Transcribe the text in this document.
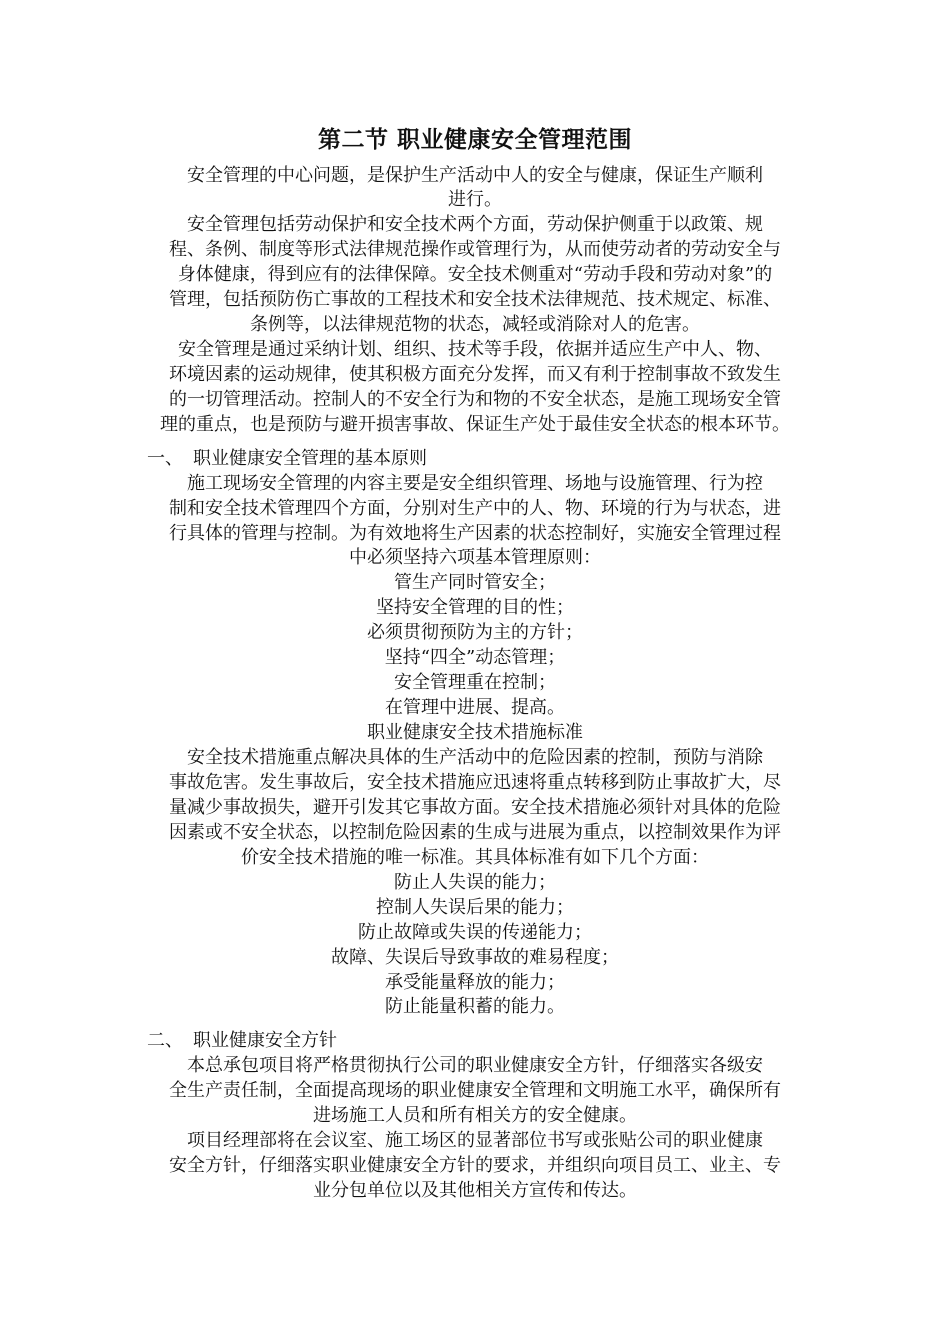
第二节 职业健康安全管理范围
安全管理的中心问题，是保护生产活动中人的安全与健康，保证生产顺利
进行。
安全管理包括劳动保护和安全技术两个方面，劳动保护侧重于以政策、规
程、条例、制度等形式法律规范操作或管理行为，从而使劳动者的劳动安全与
身体健康，得到应有的法律保障。安全技术侧重对“劳动手段和劳动对象”的
管理，包括预防伤亡事故的工程技术和安全技术法律规范、技术规定、标准、
条例等，以法律规范物的状态，减轻或消除对人的危害。
安全管理是通过采纳计划、组织、技术等手段，依据并适应生产中人、物、
环境因素的运动规律，使其积极方面充分发挥，而又有利于控制事故不致发生
的一切管理活动。控制人的不安全行为和物的不安全状态，是施工现场安全管
理的重点，也是预防与避开损害事故、保证生产处于最佳安全状态的根本环节。
一、 职业健康安全管理的基本原则
施工现场安全管理的内容主要是安全组织管理、场地与设施管理、行为控
制和安全技术管理四个方面，分别对生产中的人、物、环境的行为与状态，进
行具体的管理与控制。为有效地将生产因素的状态控制好，实施安全管理过程
中必须坚持六项基本管理原则：
管生产同时管安全；
坚持安全管理的目的性；
必须贯彻预防为主的方针；
坚持“四全”动态管理；
安全管理重在控制；
在管理中进展、提高。
职业健康安全技术措施标准
安全技术措施重点解决具体的生产活动中的危险因素的控制，预防与消除
事故危害。发生事故后，安全技术措施应迅速将重点转移到防止事故扩大，尽
量减少事故损失，避开引发其它事故方面。安全技术措施必须针对具体的危险
因素或不安全状态，以控制危险因素的生成与进展为重点，以控制效果作为评
价安全技术措施的唯一标准。其具体标准有如下几个方面：
防止人失误的能力；
控制人失误后果的能力；
防止故障或失误的传递能力；
故障、失误后导致事故的难易程度；
承受能量释放的能力；
防止能量积蓄的能力。
二、 职业健康安全方针
本总承包项目将严格贯彻执行公司的职业健康安全方针，仔细落实各级安
全生产责任制，全面提高现场的职业健康安全管理和文明施工水平，确保所有
进场施工人员和所有相关方的安全健康。
项目经理部将在会议室、施工场区的显著部位书写或张贴公司的职业健康
安全方针，仔细落实职业健康安全方针的要求，并组织向项目员工、业主、专
业分包单位以及其他相关方宣传和传达。
